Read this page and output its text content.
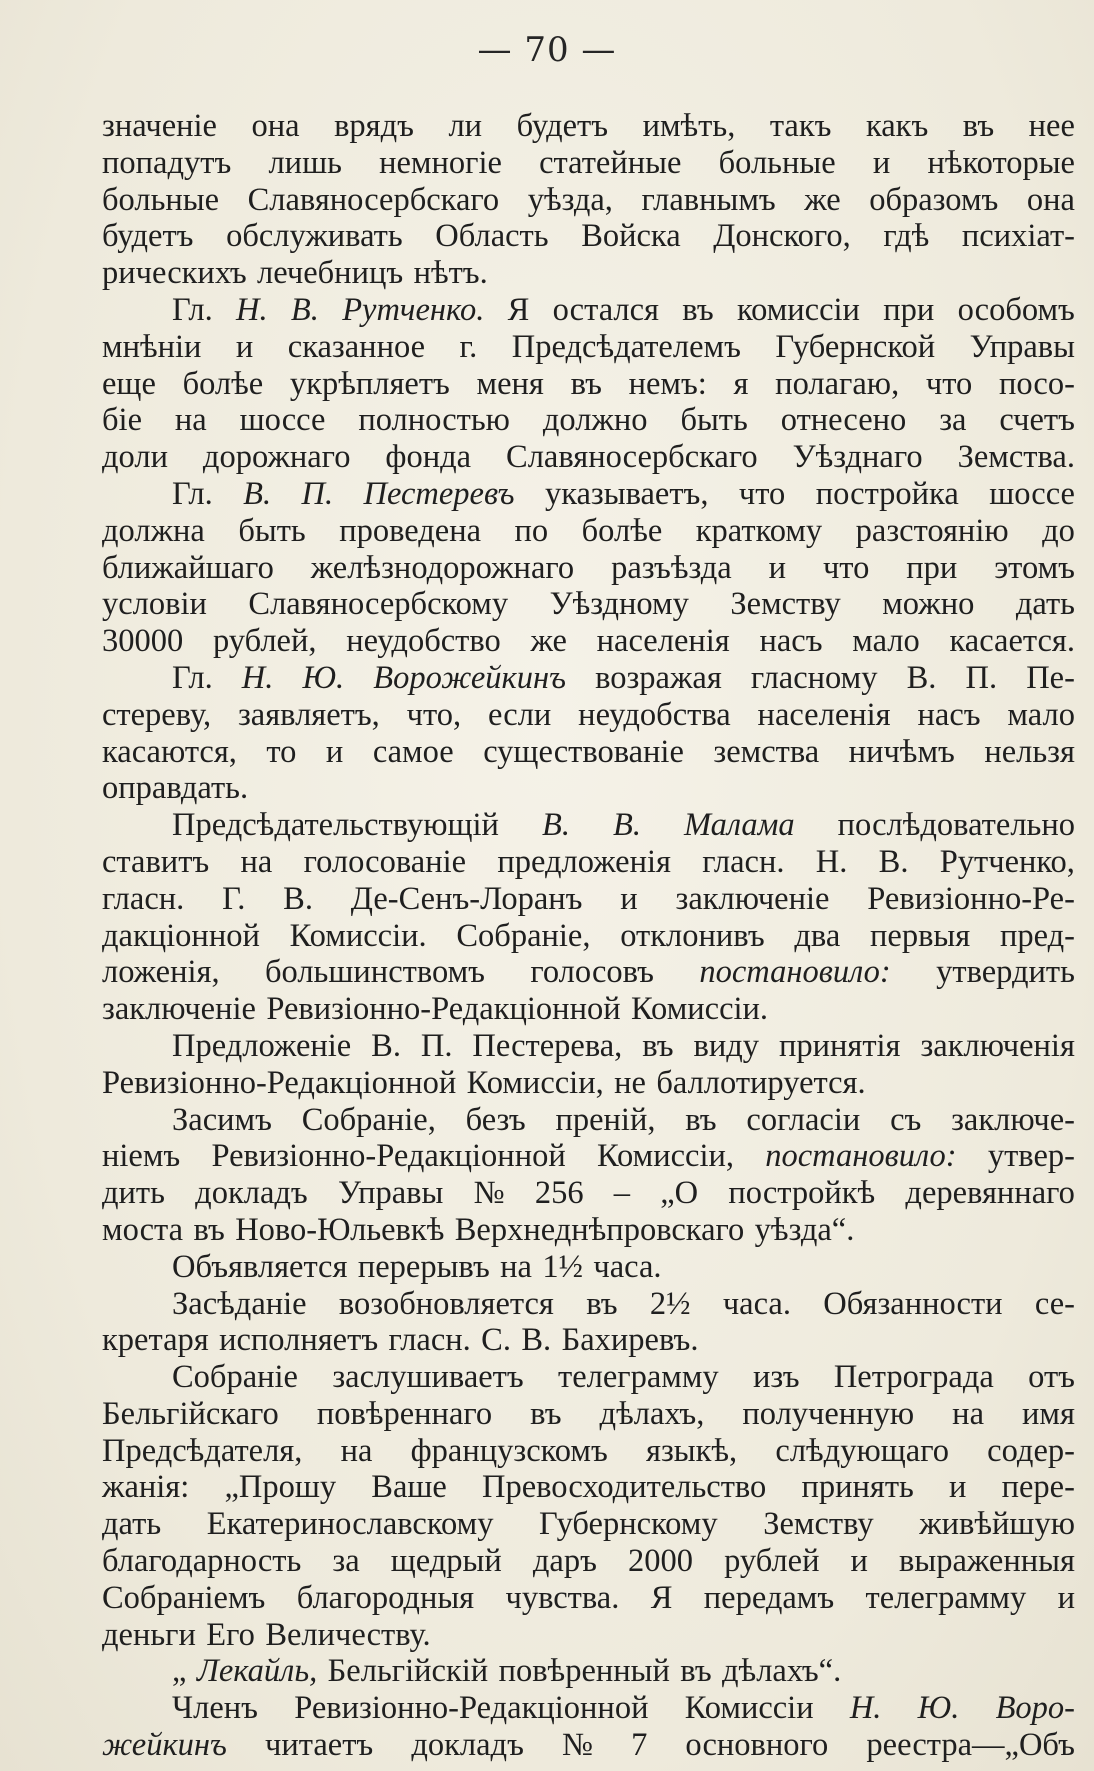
— 70 —
значеніе она врядъ ли будетъ имѣть, такъ какъ въ нее
попадутъ лишь немногіе статейные больные и нѣкоторые
больные Славяносербскаго уѣзда, главнымъ же образомъ она
будетъ обслуживать Область Войска Донского, гдѣ психіат-
рическихъ лечебницъ нѣтъ.
Гл. Н. В. Рутченко. Я остался въ комиссіи при особомъ
мнѣніи и сказанное г. Предсѣдателемъ Губернской Управы
еще болѣе укрѣпляетъ меня въ немъ: я полагаю, что посо-
біе на шоссе полностью должно быть отнесено за счетъ
доли дорожнаго фонда Славяносербскаго Уѣзднаго Земства.
Гл. В. П. Пестеревъ указываетъ, что постройка шоссе
должна быть проведена по болѣе краткому разстоянію до
ближайшаго желѣзнодорожнаго разъѣзда и что при этомъ
условіи Славяносербскому Уѣздному Земству можно дать
30000 рублей, неудобство же населенія насъ мало касается.
Гл. Н. Ю. Ворожейкинъ возражая гласному В. П. Пе-
стереву, заявляетъ, что, если неудобства населенія насъ мало
касаются, то и самое существованіе земства ничѣмъ нельзя
оправдать.
Предсѣдательствующій В. В. Малама послѣдовательно
ставитъ на голосованіе предложенія гласн. Н. В. Рутченко,
гласн. Г. В. Де-Сенъ-Лоранъ и заключеніе Ревизіонно-Ре-
дакціонной Комиссіи. Собраніе, отклонивъ два первыя пред-
ложенія, большинствомъ голосовъ постановило: утвердить
заключеніе Ревизіонно-Редакціонной Комиссіи.
Предложеніе В. П. Пестерева, въ виду принятія заключенія
Ревизіонно-Редакціонной Комиссіи, не баллотируется.
Засимъ Собраніе, безъ преній, въ согласіи съ заключе-
ніемъ Ревизіонно-Редакціонной Комиссіи, постановило: утвер-
дить докладъ Управы № 256 – „О постройкѣ деревяннаго
моста въ Ново-Юльевкѣ Верхнеднѣпровскаго уѣзда“.
Объявляется перерывъ на 1½ часа.
Засѣданіе возобновляется въ 2½ часа. Обязанности се-
кретаря исполняетъ гласн. С. В. Бахиревъ.
Собраніе заслушиваетъ телеграмму изъ Петрограда отъ
Бельгійскаго повѣреннаго въ дѣлахъ, полученную на имя
Предсѣдателя, на французскомъ языкѣ, слѣдующаго содер-
жанія: „Прошу Ваше Превосходительство принять и пере-
дать Екатеринославскому Губернскому Земству живѣйшую
благодарность за щедрый даръ 2000 рублей и выраженныя
Собраніемъ благородныя чувства. Я передамъ телеграмму и
деньги Его Величеству.
„ Лекайль, Бельгійскій повѣренный въ дѣлахъ“.
Членъ Ревизіонно-Редакціонной Комиссіи Н. Ю. Воро-
жейкинъ читаетъ докладъ № 7 основного реестра—„Объ
